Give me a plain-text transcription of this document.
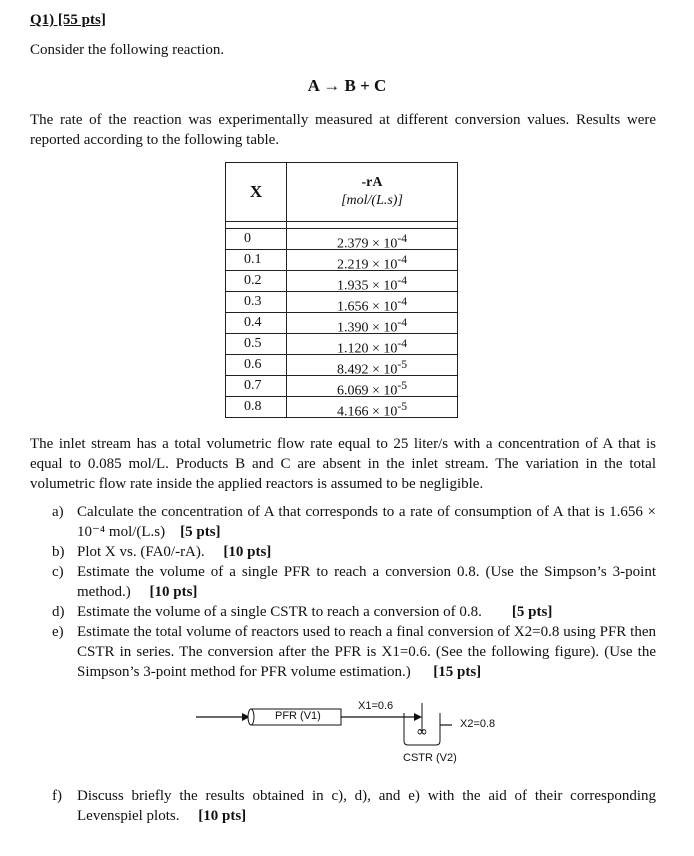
Q1) [55 pts]
Consider the following reaction.
A → B + C
The rate of the reaction was experimentally measured at different conversion values. Results were reported according to the following table.
X	-rA
[mol/(L.s)]

0	$2.379 \times 10^{-4}$

0.1	$2.219 \times 10^{-4}$

0.2	$1.935 \times 10^{-4}$

0.3	$1.656 \times 10^{-4}$

0.4	$1.390 \times 10^{-4}$

0.5	$1.120 \times 10^{-4}$

0.6	$8.492 \times 10^{-5}$

0.7	$6.069 \times 10^{-5}$

0.8	$4.166 \times 10^{-5}$
The inlet stream has a total volumetric flow rate equal to 25 liter/s with a concentration of A that is equal to 0.085 mol/L. Products B and C are absent in the inlet stream. The variation in the total volumetric flow rate inside the applied reactors is assumed to be negligible.
a) Calculate the concentration of A that corresponds to a rate of consumption of A that is 1.656 × 10⁻⁴ mol/(L.s) [5 pts]
b) Plot X vs. (FA0/-rA). [10 pts]
c) Estimate the volume of a single PFR to reach a conversion 0.8. (Use the Simpson’s 3-point method.) [10 pts]
d) Estimate the volume of a single CSTR to reach a conversion of 0.8. [5 pts]
e) Estimate the total volume of reactors used to reach a final conversion of X2=0.8 using PFR then CSTR in series. The conversion after the PFR is X1=0.6. (See the following figure). (Use the Simpson’s 3-point method for PFR volume estimation.) [15 pts]
∞
PFR (V1)
X1=0.6
X2=0.8
CSTR (V2)
f) Discuss briefly the results obtained in c), d), and e) with the aid of their corresponding Levenspiel plots. [10 pts]
